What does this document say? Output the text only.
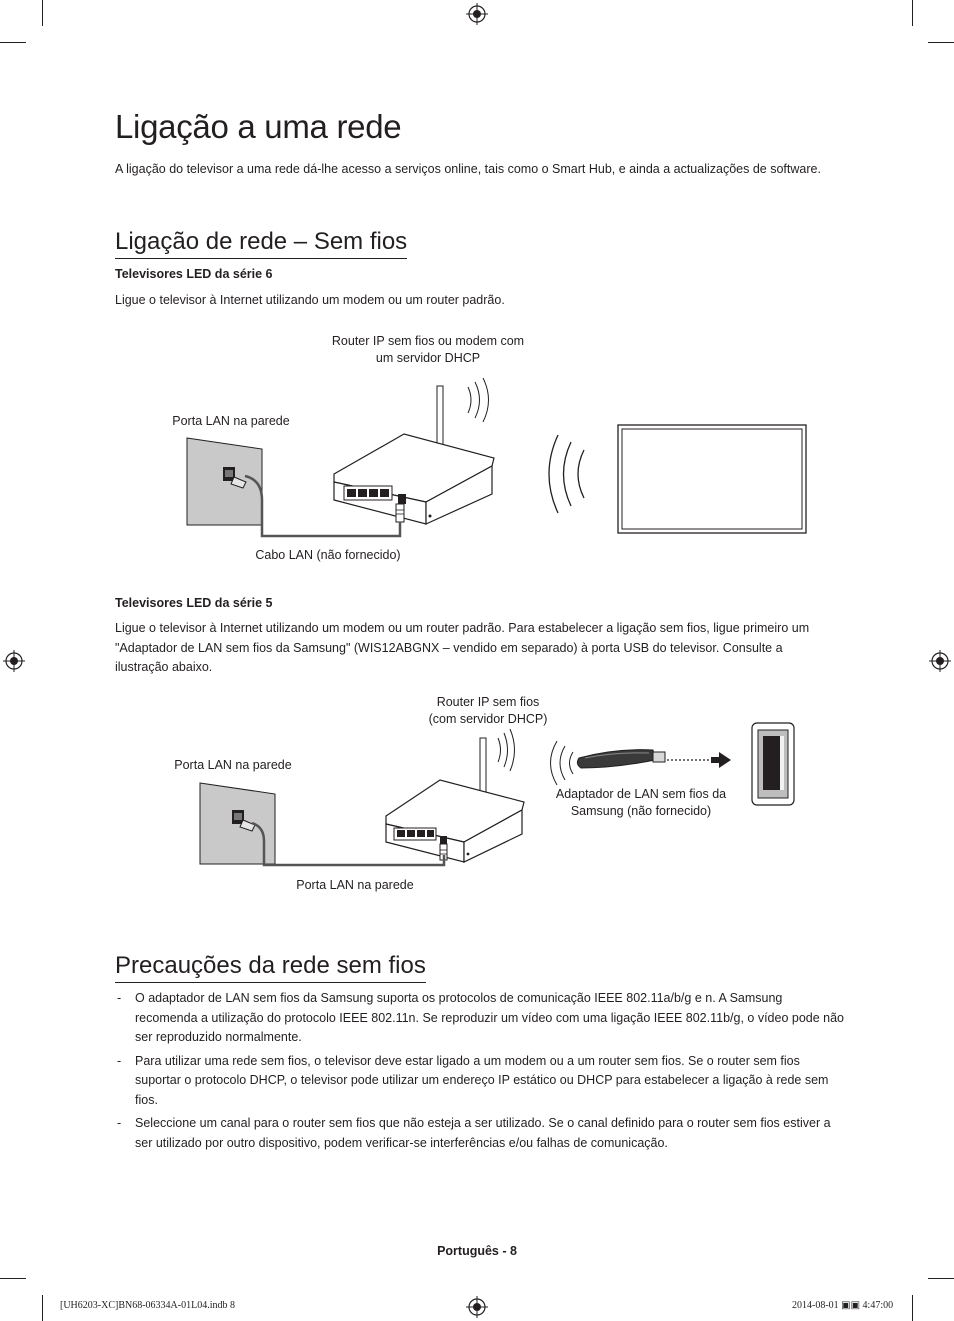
Ligação a uma rede

A ligação do televisor a uma rede dá-lhe acesso a serviços online, tais como o Smart Hub, e ainda a actualizações de software.

Ligação de rede – Sem fios

Televisores LED da série 6

Ligue o televisor à Internet utilizando um modem ou um router padrão.

Router IP sem fios ou modem com
um servidor DHCP
Porta LAN na parede
Cabo LAN (não fornecido)

Televisores LED da série 5

Ligue o televisor à Internet utilizando um modem ou um router padrão. Para estabelecer a ligação sem fios, ligue primeiro um "Adaptador de LAN sem fios da Samsung" (WIS12ABGNX – vendido em separado) à porta USB do televisor. Consulte a ilustração abaixo.

Router IP sem fios
(com servidor DHCP)
Porta LAN na parede
Adaptador de LAN sem fios da
Samsung (não fornecido)
Porta LAN na parede
Precauções da rede sem fios
- O adaptador de LAN sem fios da Samsung suporta os protocolos de comunicação IEEE 802.11a/b/g e n. A Samsung recomenda a utilização do protocolo IEEE 802.11n. Se reproduzir um vídeo com uma ligação IEEE 802.11b/g, o vídeo pode não ser reproduzido normalmente.
- Para utilizar uma rede sem fios, o televisor deve estar ligado a um modem ou a um router sem fios. Se o router sem fios suportar o protocolo DHCP, o televisor pode utilizar um endereço IP estático ou DHCP para estabelecer a ligação à rede sem fios.
- Seleccione um canal para o router sem fios que não esteja a ser utilizado. Se o canal definido para o router sem fios estiver a ser utilizado por outro dispositivo, podem verificar-se interferências e/ou falhas de comunicação.
Português - 8
[UH6203-XC]BN68-06334A-01L04.indb 8	2014-08-01 ▣▣ 4:47:00
